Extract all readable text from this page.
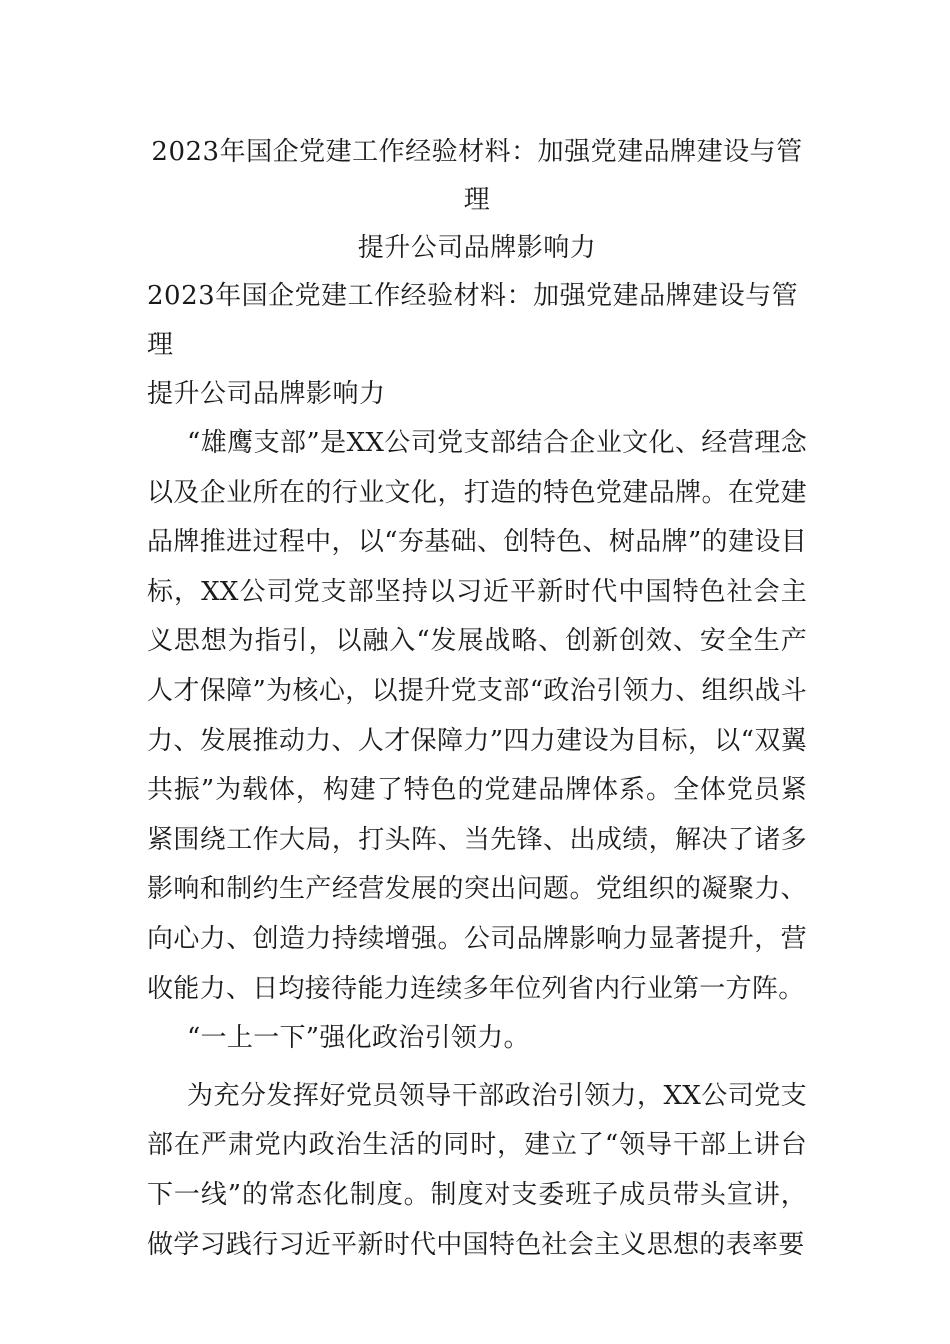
2023年国企党建工作经验材料：加强党建品牌建设与管理
提升公司品牌影响力

2023年国企党建工作经验材料：加强党建品牌建设与管理

提升公司品牌影响力

“雄鹰支部”是XX公司党支部结合企业文化、经营理念以及企业所在的行业文化，打造的特色党建品牌。在党建品牌推进过程中，以“夯基础、创特色、树品牌”的建设目标，XX公司党支部坚持以习近平新时代中国特色社会主义思想为指引，以融入“发展战略、创新创效、安全生产人才保障”为核心，以提升党支部“政治引领力、组织战斗力、发展推动力、人才保障力”四力建设为目标，以“双翼共振”为载体，构建了特色的党建品牌体系。全体党员紧紧围绕工作大局，打头阵、当先锋、出成绩，解决了诸多影响和制约生产经营发展的突出问题。党组织的凝聚力、向心力、创造力持续增强。公司品牌影响力显著提升，营收能力、日均接待能力连续多年位列省内行业第一方阵。

“一上一下”强化政治引领力。

为充分发挥好党员领导干部政治引领力，XX公司党支部在严肃党内政治生活的同时，建立了“领导干部上讲台下一线”的常态化制度。制度对支委班子成员带头宣讲，做学习践行习近平新时代中国特色社会主义思想的表率要
